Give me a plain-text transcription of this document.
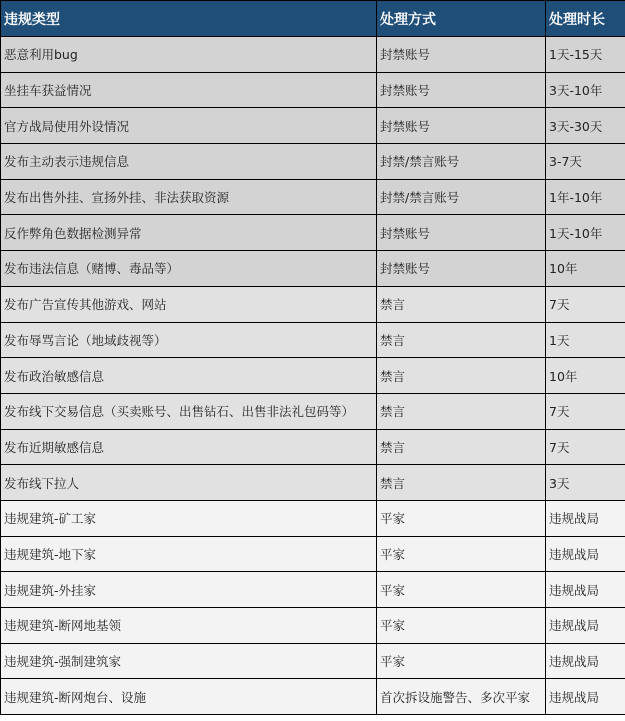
违规类型	处理方式	处理时长
恶意利用bug	封禁账号	1天-15天
坐挂车获益情况	封禁账号	3天-10年
官方战局使用外设情况	封禁账号	3天-30天
发布主动表示违规信息	封禁/禁言账号	3-7天
发布出售外挂、宣扬外挂、非法获取资源	封禁/禁言账号	1年-10年
反作弊角色数据检测异常	封禁账号	1天-10年
发布违法信息（赌博、毒品等）	封禁账号	10年
发布广告宣传其他游戏、网站	禁言	7天
发布辱骂言论（地域歧视等）	禁言	1天
发布政治敏感信息	禁言	10年
发布线下交易信息（买卖账号、出售钻石、出售非法礼包码等）	禁言	7天
发布近期敏感信息	禁言	7天
发布线下拉人	禁言	3天
违规建筑-矿工家	平家	违规战局
违规建筑-地下家	平家	违规战局
违规建筑-外挂家	平家	违规战局
违规建筑-断网地基领	平家	违规战局
违规建筑-强制建筑家	平家	违规战局
违规建筑-断网炮台、设施	首次拆设施警告、多次平家	违规战局
